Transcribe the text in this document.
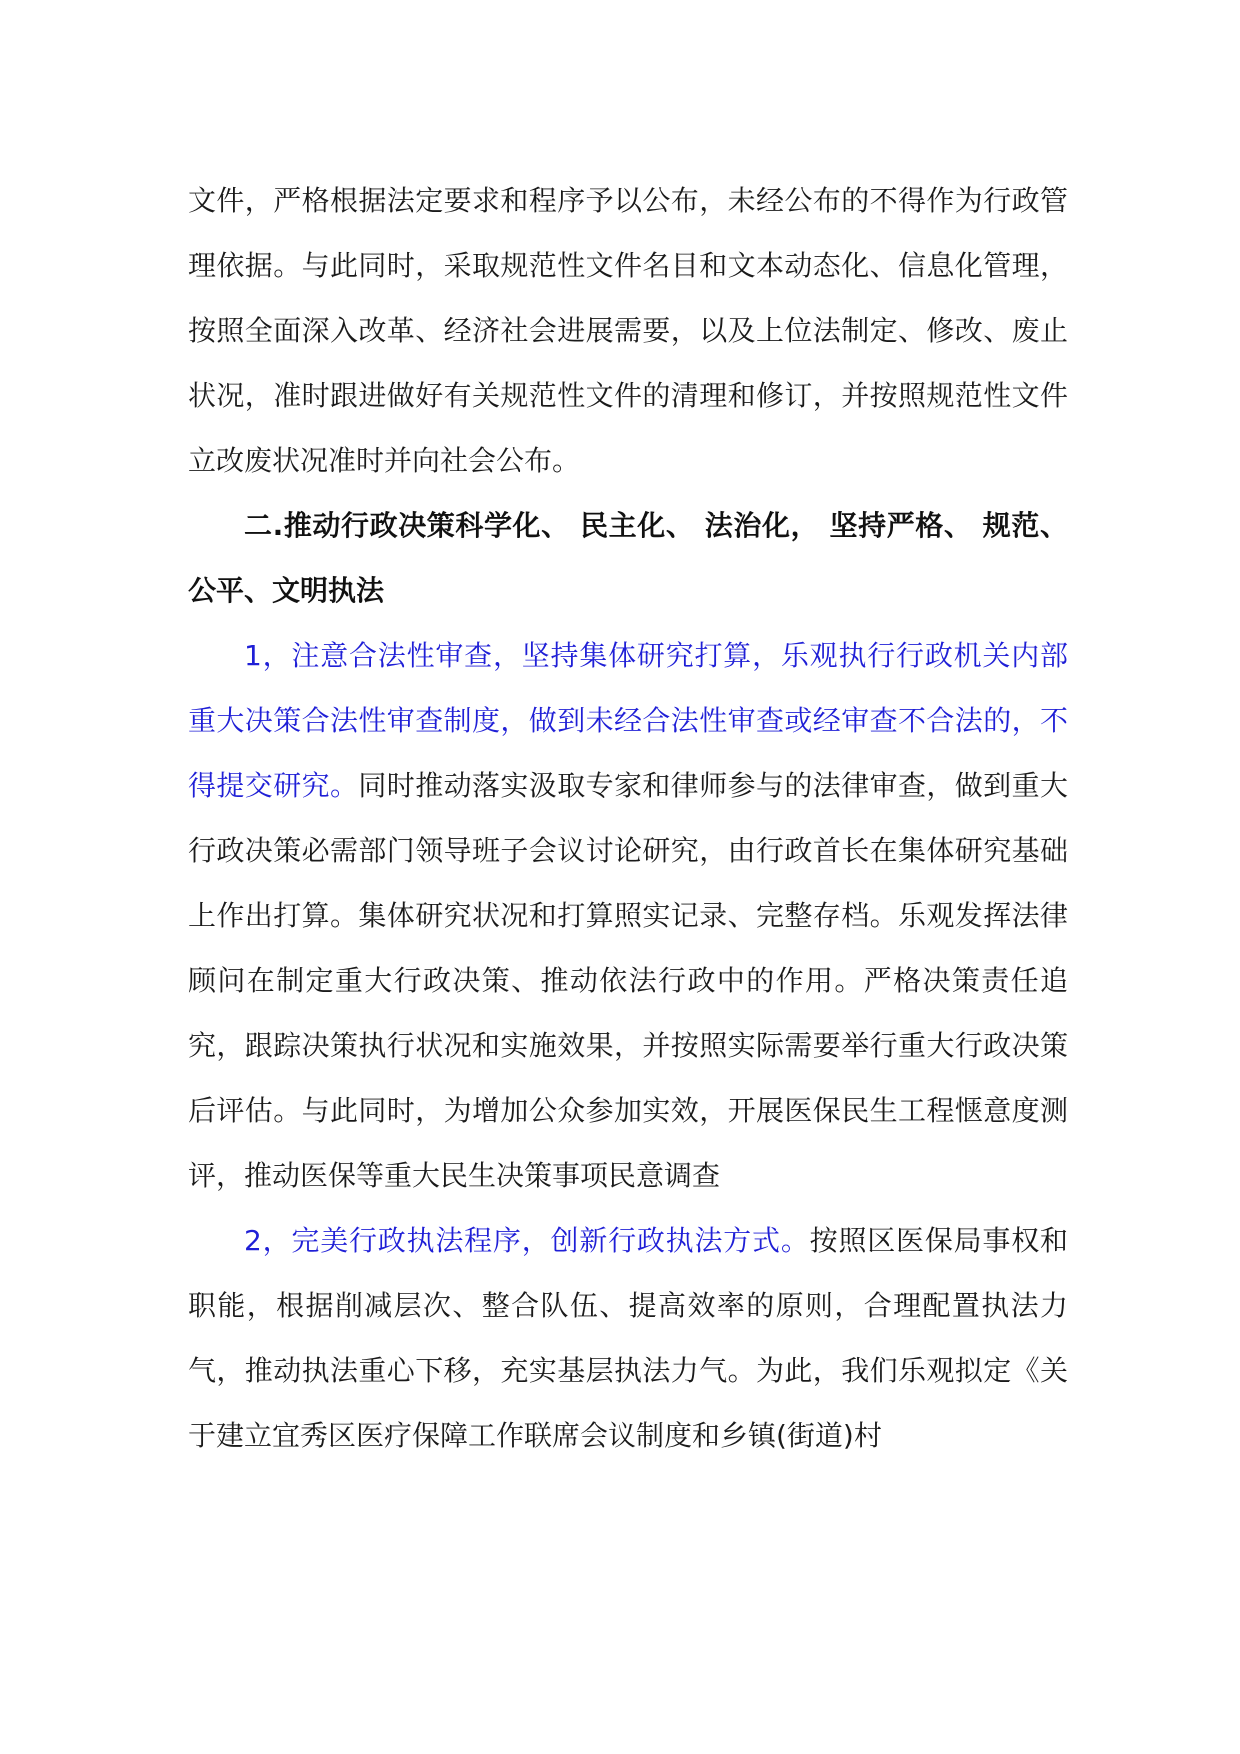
文件，严格根据法定要求和程序予以公布，未经公布的不得作为行政管理依据。与此同时，采取规范性文件名目和文本动态化、信息化管理，按照全面深入改革、经济社会进展需要，以及上位法制定、修改、废止状况，准时跟进做好有关规范性文件的清理和修订，并按照规范性文件立改废状况准时并向社会公布。

二.推动行政决策科学化、 民主化、 法治化， 坚持严格、 规范、公平、文明执法

1，注意合法性审查，坚持集体研究打算，乐观执行行政机关内部重大决策合法性审查制度，做到未经合法性审查或经审查不合法的，不得提交研究。同时推动落实汲取专家和律师参与的法律审查，做到重大行政决策必需部门领导班子会议讨论研究，由行政首长在集体研究基础上作出打算。集体研究状况和打算照实记录、完整存档。乐观发挥法律顾问在制定重大行政决策、推动依法行政中的作用。严格决策责任追究，跟踪决策执行状况和实施效果，并按照实际需要举行重大行政决策后评估。与此同时，为增加公众参加实效，开展医保民生工程惬意度测评，推动医保等重大民生决策事项民意调查

2，完美行政执法程序，创新行政执法方式。按照区医保局事权和职能，根据削减层次、整合队伍、提高效率的原则，合理配置执法力气，推动执法重心下移，充实基层执法力气。为此，我们乐观拟定《关于建立宜秀区医疗保障工作联席会议制度和乡镇(街道)村
